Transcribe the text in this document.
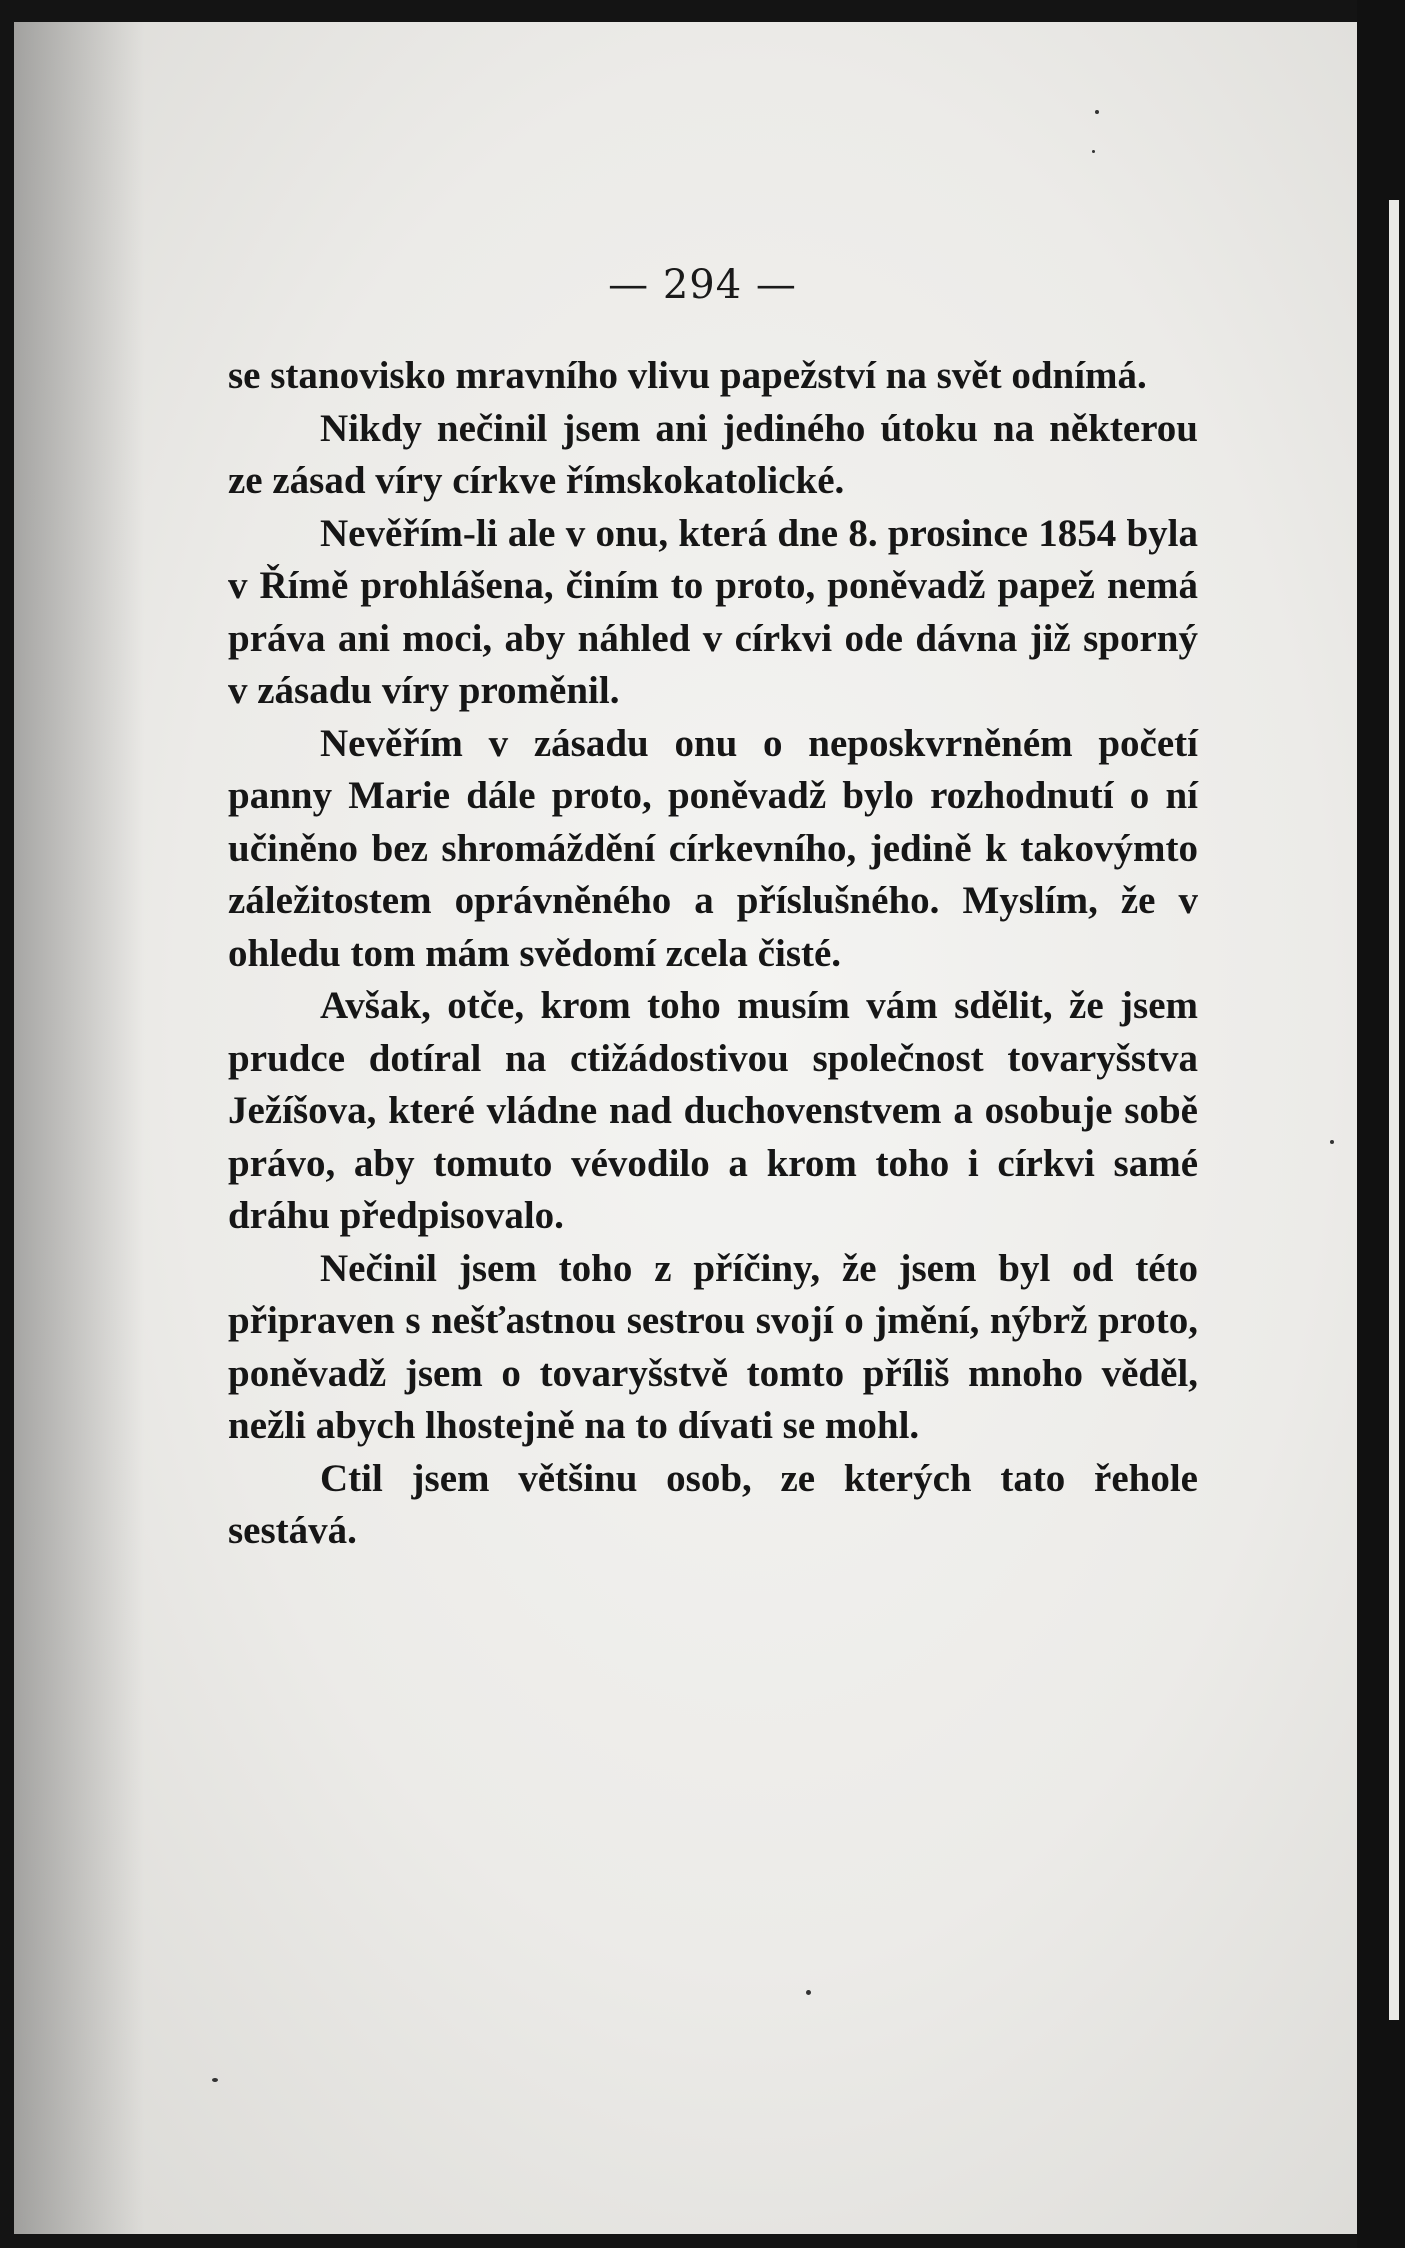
— 294 —

se stanovisko mravního vlivu papežství na svět odnímá.

Nikdy nečinil jsem ani jediného útoku na některou ze zásad víry církve římskokatolické.

Nevěřím-li ale v onu, která dne 8. prosince 1854 byla v Římě prohlášena, činím to proto, poněvadž papež nemá práva ani moci, aby náhled v církvi ode dávna již sporný v zásadu víry proměnil.

Nevěřím v zásadu onu o neposkvrněném početí panny Marie dále proto, poněvadž bylo rozhodnutí o ní učiněno bez shromáždění církevního, jedině k takovýmto záležitostem oprávněného a příslušného. Myslím, že v ohledu tom mám svědomí zcela čisté.

Avšak, otče, krom toho musím vám sdělit, že jsem prudce dotíral na ctižádostivou společnost tovaryšstva Ježíšova, které vládne nad duchovenstvem a osobuje sobě právo, aby tomuto vévodilo a krom toho i církvi samé dráhu předpisovalo.

Nečinil jsem toho z příčiny, že jsem byl od této připraven s nešťastnou sestrou svojí o jmění, nýbrž proto, poněvadž jsem o tovaryšstvě tomto příliš mnoho věděl, nežli abych lhostejně na to dívati se mohl.

Ctil jsem většinu osob, ze kterých tato řehole sestává.
